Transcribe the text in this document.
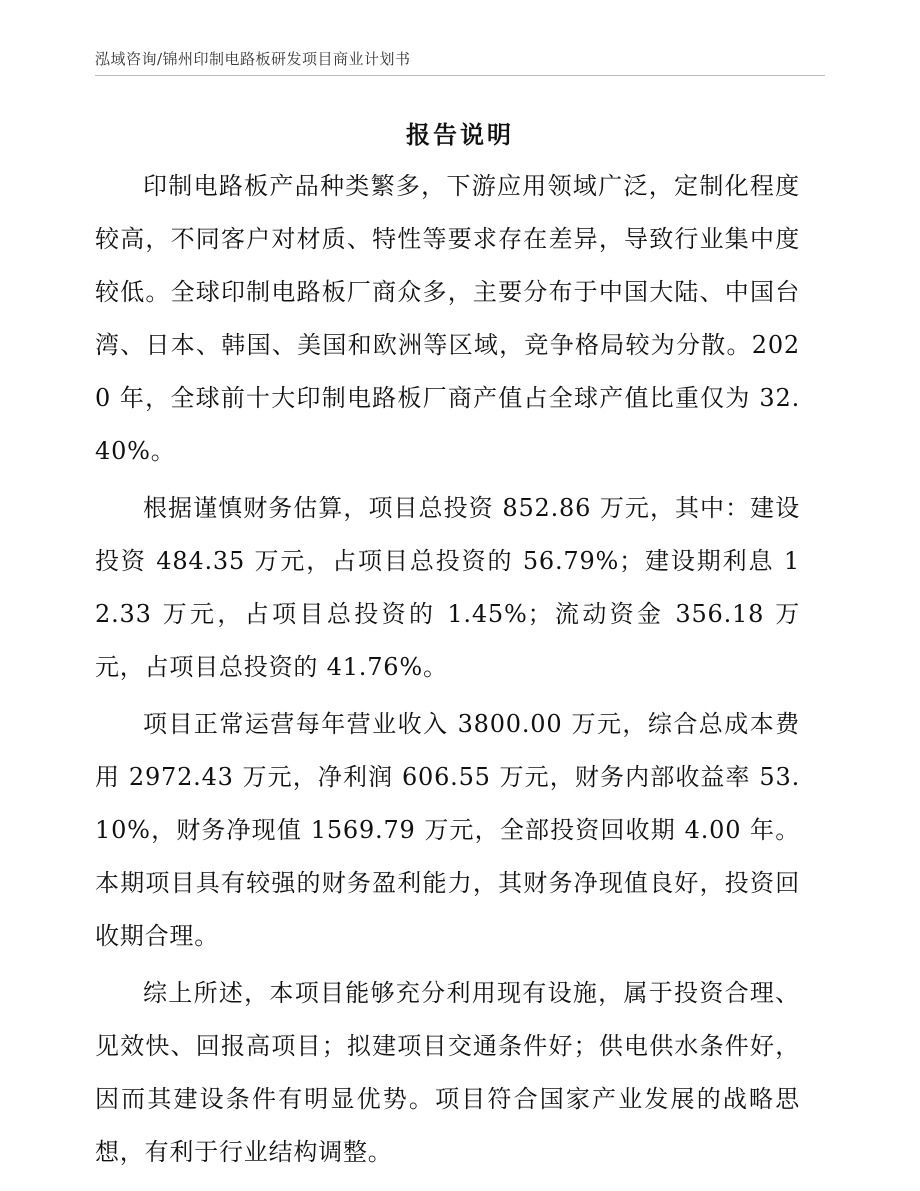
泓域咨询/锦州印制电路板研发项目商业计划书
报告说明

印制电路板产品种类繁多，下游应用领域广泛，定制化程度较高，不同客户对材质、特性等要求存在差异，导致行业集中度较低。全球印制电路板厂商众多，主要分布于中国大陆、中国台湾、日本、韩国、美国和欧洲等区域，竞争格局较为分散。2020 年，全球前十大印制电路板厂商产值占全球产值比重仅为 32.40%。

根据谨慎财务估算，项目总投资 852.86 万元，其中：建设投资 484.35 万元，占项目总投资的 56.79%；建设期利息 12.33 万元，占项目总投资的 1.45%；流动资金 356.18 万元，占项目总投资的 41.76%。

项目正常运营每年营业收入 3800.00 万元，综合总成本费用 2972.43 万元，净利润 606.55 万元，财务内部收益率 53.10%，财务净现值 1569.79 万元，全部投资回收期 4.00 年。本期项目具有较强的财务盈利能力，其财务净现值良好，投资回收期合理。

综上所述，本项目能够充分利用现有设施，属于投资合理、见效快、回报高项目；拟建项目交通条件好；供电供水条件好，因而其建设条件有明显优势。项目符合国家产业发展的战略思想，有利于行业结构调整。
